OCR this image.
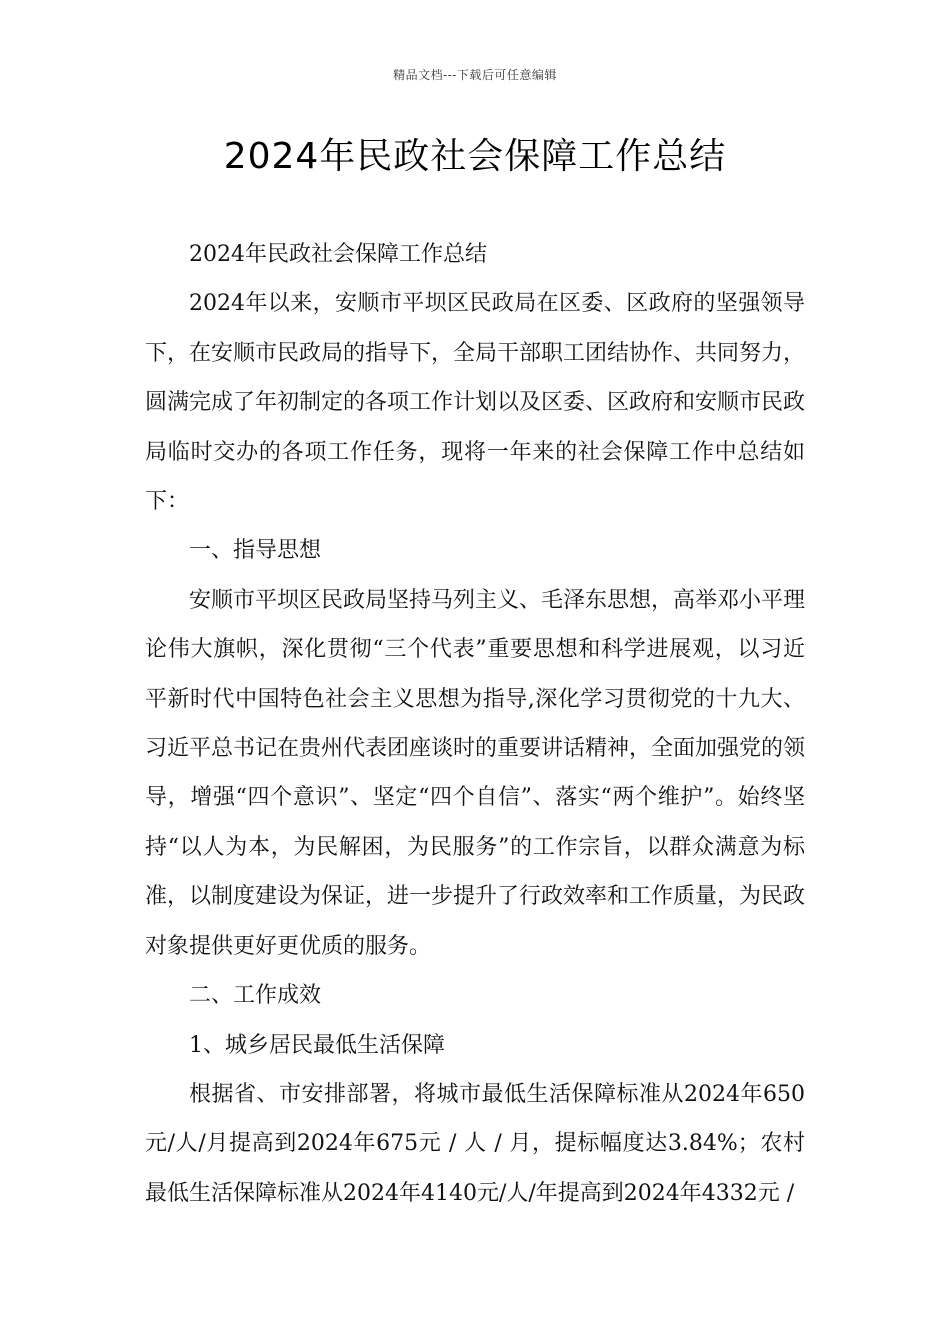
精品文档---下载后可任意编辑
2024年民政社会保障工作总结

2024年民政社会保障工作总结

2024年以来，安顺市平坝区民政局在区委、区政府的坚强领导下，在安顺市民政局的指导下，全局干部职工团结协作、共同努力，圆满完成了年初制定的各项工作计划以及区委、区政府和安顺市民政局临时交办的各项工作任务，现将一年来的社会保障工作中总结如下：

一、指导思想

安顺市平坝区民政局坚持马列主义、毛泽东思想，高举邓小平理论伟大旗帜，深化贯彻“三个代表”重要思想和科学进展观，以习近平新时代中国特色社会主义思想为指导,深化学习贯彻党的十九大、习近平总书记在贵州代表团座谈时的重要讲话精神，全面加强党的领导，增强“四个意识”、坚定“四个自信”、落实“两个维护”。始终坚持“以人为本，为民解困，为民服务”的工作宗旨，以群众满意为标准，以制度建设为保证，进一步提升了行政效率和工作质量，为民政对象提供更好更优质的服务。

二、工作成效

1、城乡居民最低生活保障

根据省、市安排部署，将城市最低生活保障标准从2024年650元/人/月提高到2024年675元 / 人 / 月，提标幅度达3.84%；农村最低生活保障标准从2024年4140元/人/年提高到2024年4332元 /
